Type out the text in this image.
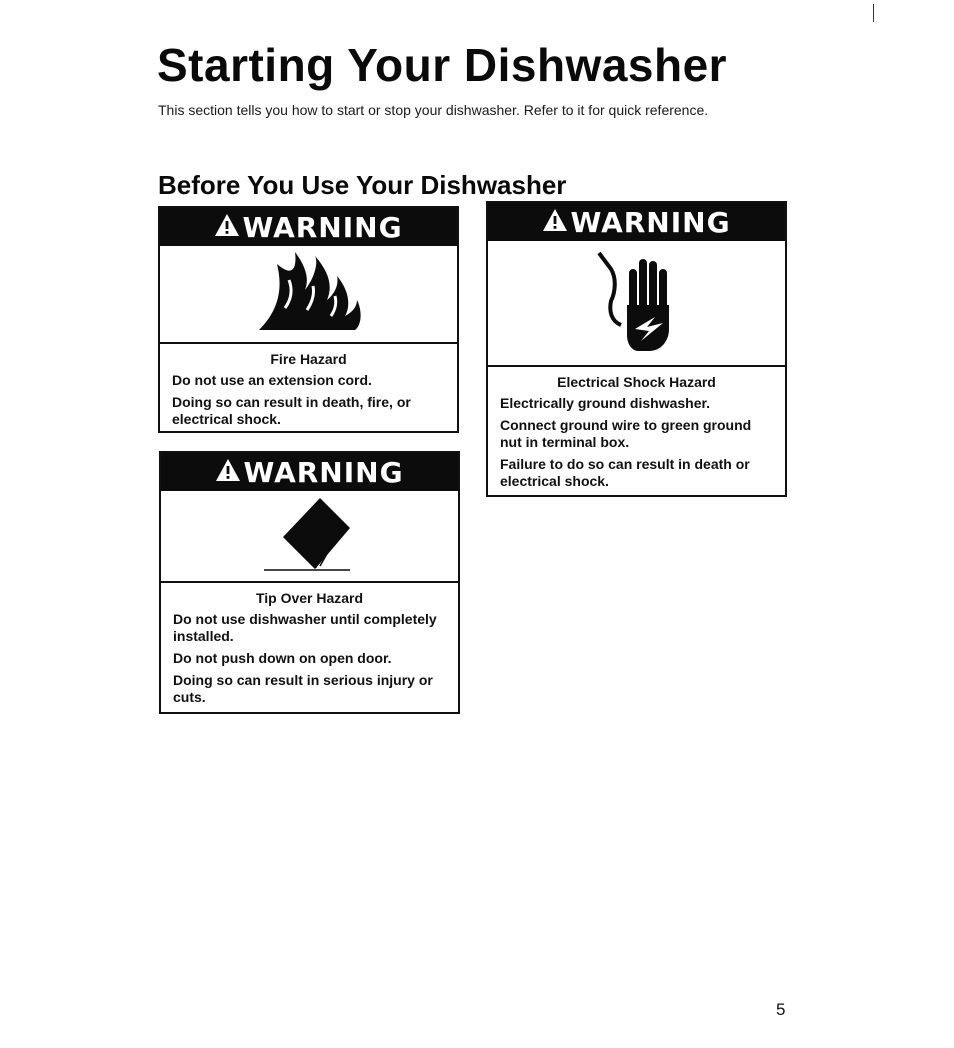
Starting Your Dishwasher
This section tells you how to start or stop your dishwasher. Refer to it for quick reference.
Before You Use Your Dishwasher
WARNING
Fire Hazard

Do not use an extension cord.

Doing so can result in death, fire, or electrical shock.

WARNING
Tip Over Hazard

Do not use dishwasher until completely installed.

Do not push down on open door.

Doing so can result in serious injury or cuts.

WARNING
Electrical Shock Hazard

Electrically ground dishwasher.

Connect ground wire to green ground nut in terminal box.

Failure to do so can result in death or electrical shock.

5
